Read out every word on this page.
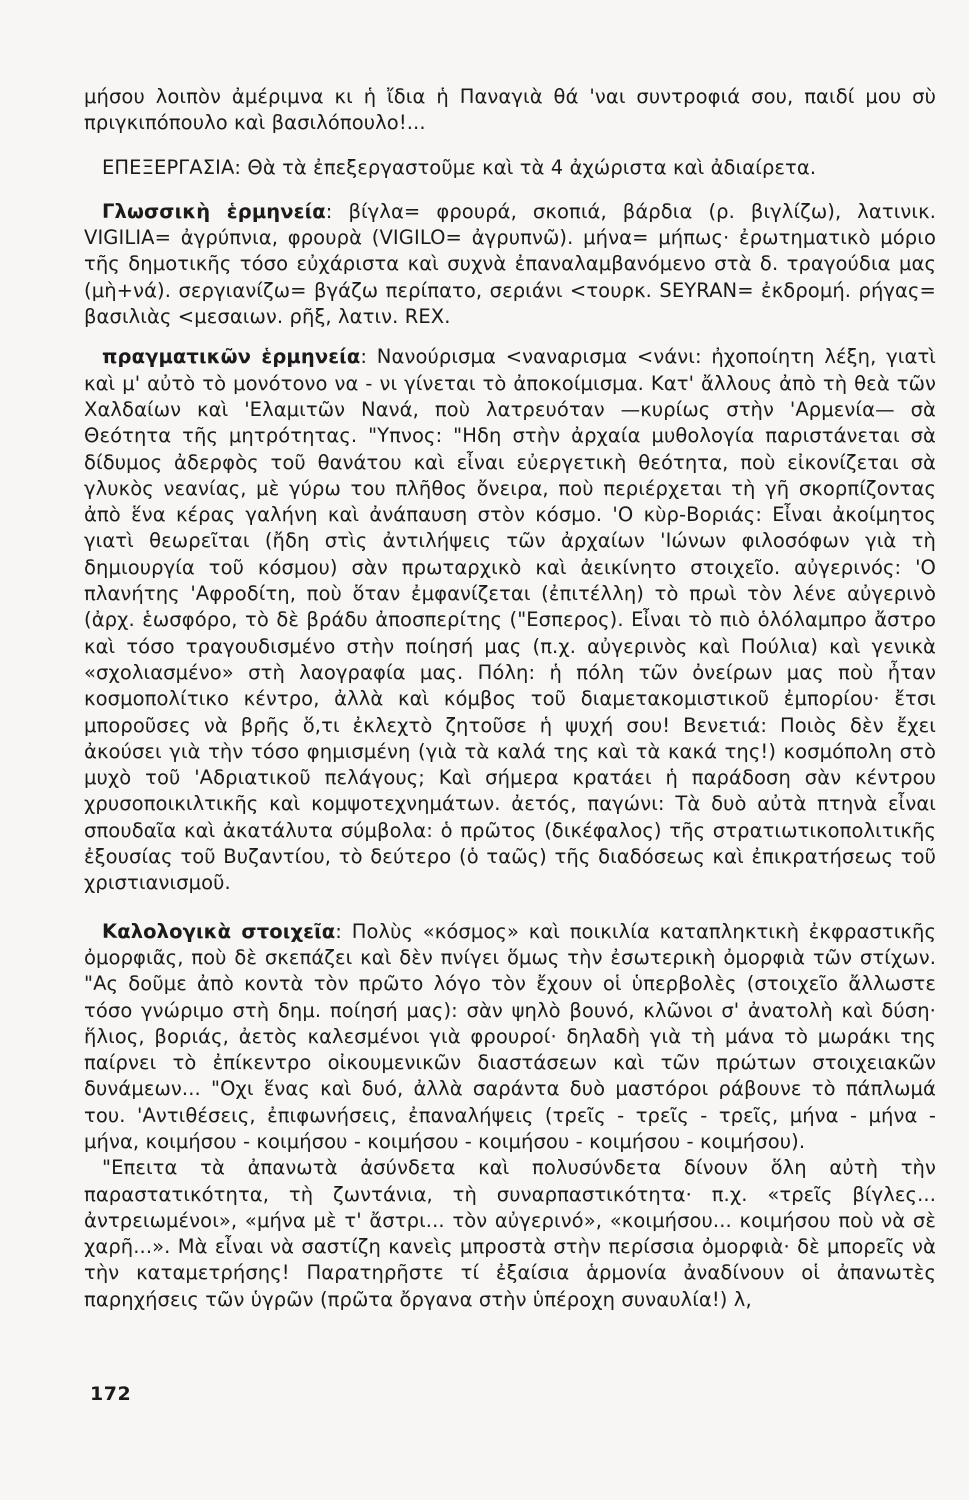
μήσου λοιπὸν ἀμέριμνα κι ἡ ἴδια ἡ Παναγιὰ θά 'ναι συντροφιά σου, παιδί μου σὺ πριγκιπόπουλο καὶ βασιλόπουλο!...

ΕΠΕΞΕΡΓΑΣΙΑ: Θὰ τὰ ἐπεξεργαστοῦμε καὶ τὰ 4 ἀχώριστα καὶ ἀδιαίρετα.

Γλωσσικὴ ἑρμηνεία: βίγλα= φρουρά, σκοπιά, βάρδια (ρ. βιγλίζω), λατινικ. VIGILIA= ἀγρύπνια, φρουρὰ (VIGILO= ἀγρυπνῶ). μήνα= μήπως· ἐρωτηματικὸ μόριο τῆς δημοτικῆς τόσο εὐχάριστα καὶ συχνὰ ἐπαναλαμβανόμενο στὰ δ. τραγούδια μας (μὴ+νά). σεργιανίζω= βγάζω περίπατο, σεριάνι <τουρκ. SEYRAN= ἐκδρομή. ρήγας= βασιλιὰς <μεσαιων. ρῆξ, λατιν. REX.

πραγματικῶν ἑρμηνεία: Νανούρισμα <ναναρισμα <νάνι: ἠχοποίητη λέξη, γιατὶ καὶ μ' αὐτὸ τὸ μονότονο να - νι γίνεται τὸ ἀποκοίμισμα. Κατ' ἄλλους ἀπὸ τὴ θεὰ τῶν Χαλδαίων καὶ 'Ελαμιτῶν Νανά, ποὺ λατρευόταν —κυρίως στὴν 'Αρμενία— σὰ Θεότητα τῆς μητρότητας. "Υπνος: "Ηδη στὴν ἀρχαία μυθολογία παριστάνεται σὰ δίδυμος ἀδερφὸς τοῦ θανάτου καὶ εἶναι εὐεργετικὴ θεότητα, ποὺ εἰκονίζεται σὰ γλυκὸς νεανίας, μὲ γύρω του πλῆθος ὄνειρα, ποὺ περιέρχεται τὴ γῆ σκορπίζοντας ἀπὸ ἕνα κέρας γαλήνη καὶ ἀνάπαυση στὸν κόσμο. 'Ο κὺρ-Βοριάς: Εἶναι ἀκοίμητος γιατὶ θεωρεῖται (ἤδη στὶς ἀντιλήψεις τῶν ἀρχαίων 'Ιώνων φιλοσόφων γιὰ τὴ δημιουργία τοῦ κόσμου) σὰν πρωταρχικὸ καὶ ἀεικίνητο στοιχεῖο. αὐγερινός: 'Ο πλανήτης 'Αφροδίτη, ποὺ ὅταν ἐμφανίζεται (ἐπιτέλλη) τὸ πρωὶ τὸν λένε αὐγερινὸ (ἀρχ. ἑωσφόρο, τὸ δὲ βράδυ ἀποσπερίτης ("Εσπερος). Εἶναι τὸ πιὸ ὁλόλαμπρο ἄστρο καὶ τόσο τραγουδισμένο στὴν ποίησή μας (π.χ. αὐγερινὸς καὶ Πούλια) καὶ γενικὰ «σχολιασμένο» στὴ λαογραφία μας. Πόλη: ἡ πόλη τῶν ὀνείρων μας ποὺ ἦταν κοσμοπολίτικο κέντρο, ἀλλὰ καὶ κόμβος τοῦ διαμετακομιστικοῦ ἐμπορίου· ἔτσι μποροῦσες νὰ βρῆς ὅ,τι ἐκλεχτὸ ζητοῦσε ἡ ψυχή σου! Βενετιά: Ποιὸς δὲν ἔχει ἀκούσει γιὰ τὴν τόσο φημισμένη (γιὰ τὰ καλά της καὶ τὰ κακά της!) κοσμόπολη στὸ μυχὸ τοῦ 'Αδριατικοῦ πελάγους; Καὶ σήμερα κρατάει ἡ παράδοση σὰν κέντρου χρυσοποικιλτικῆς καὶ κομψοτεχνημάτων. ἀετός, παγώνι: Τὰ δυὸ αὐτὰ πτηνὰ εἶναι σπουδαῖα καὶ ἀκατάλυτα σύμβολα: ὁ πρῶτος (δικέφαλος) τῆς στρατιωτικοπολιτικῆς ἐξουσίας τοῦ Βυζαντίου, τὸ δεύτερο (ὁ ταῶς) τῆς διαδόσεως καὶ ἐπικρατήσεως τοῦ χριστιανισμοῦ.

Καλολογικὰ στοιχεῖα: Πολὺς «κόσμος» καὶ ποικιλία καταπληκτικὴ ἐκφραστικῆς ὀμορφιᾶς, ποὺ δὲ σκεπάζει καὶ δὲν πνίγει ὅμως τὴν ἐσωτερικὴ ὀμορφιὰ τῶν στίχων. "Ας δοῦμε ἀπὸ κοντὰ τὸν πρῶτο λόγο τὸν ἔχουν οἱ ὑπερβολὲς (στοιχεῖο ἄλλωστε τόσο γνώριμο στὴ δημ. ποίησή μας): σὰν ψηλὸ βουνό, κλῶνοι σ' ἀνατολὴ καὶ δύση· ἥλιος, βοριάς, ἀετὸς καλεσμένοι γιὰ φρουροί· δηλαδὴ γιὰ τὴ μάνα τὸ μωράκι της παίρνει τὸ ἐπίκεντρο οἰκουμενικῶν διαστάσεων καὶ τῶν πρώτων στοιχειακῶν δυνάμεων... "Οχι ἕνας καὶ δυό, ἀλλὰ σαράντα δυὸ μαστόροι ράβουνε τὸ πάπλωμά του. 'Αντιθέσεις, ἐπιφωνήσεις, ἐπαναλήψεις (τρεῖς - τρεῖς - τρεῖς, μήνα - μήνα - μήνα, κοιμήσου - κοιμήσου - κοιμήσου - κοιμήσου - κοιμήσου - κοιμήσου).

"Επειτα τὰ ἀπανωτὰ ἀσύνδετα καὶ πολυσύνδετα δίνουν ὅλη αὐτὴ τὴν παραστατικότητα, τὴ ζωντάνια, τὴ συναρπαστικότητα· π.χ. «τρεῖς βίγλες... ἀντρειωμένοι», «μήνα μὲ τ' ἄστρι... τὸν αὐγερινό», «κοιμήσου... κοιμήσου ποὺ νὰ σὲ χαρῆ...». Μὰ εἶναι νὰ σαστίζη κανεὶς μπροστὰ στὴν περίσσια ὀμορφιὰ· δὲ μπορεῖς νὰ τὴν καταμετρήσης! Παρατηρῆστε τί ἐξαίσια ἁρμονία ἀναδίνουν οἱ ἀπανωτὲς παρηχήσεις τῶν ὑγρῶν (πρῶτα ὄργανα στὴν ὑπέροχη συναυλία!) λ,

172
